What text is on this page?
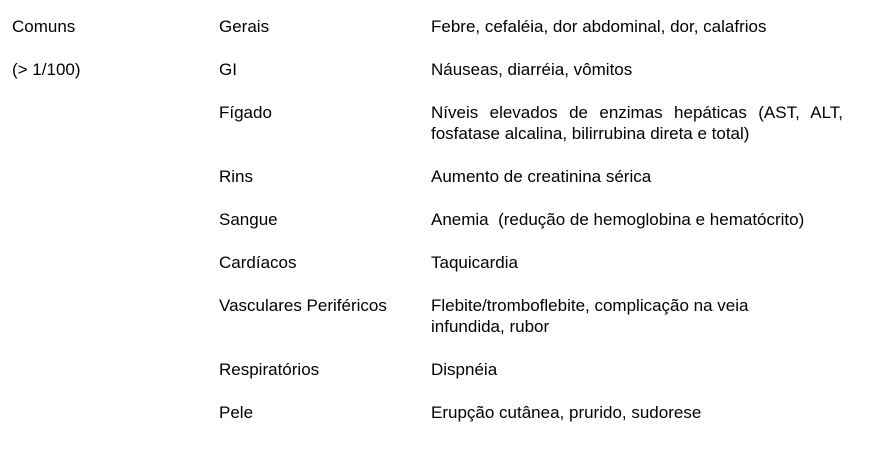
Comuns
(> 1/100)
Gerais	Febre, cefaléia, dor abdominal, dor, calafrios
GI	Náuseas, diarréia, vômitos
Fígado	Níveis elevados de enzimas hepáticas (AST, ALT, fosfatase alcalina, bilirrubina direta e total)
Rins	Aumento de creatinina sérica
Sangue	Anemia  (redução de hemoglobina e hematócrito)
Cardíacos	Taquicardia
Vasculares Periféricos	Flebite/tromboflebite, complicação na veia infundida, rubor
Respiratórios	Dispnéia
Pele	Erupção cutânea, prurido, sudorese
